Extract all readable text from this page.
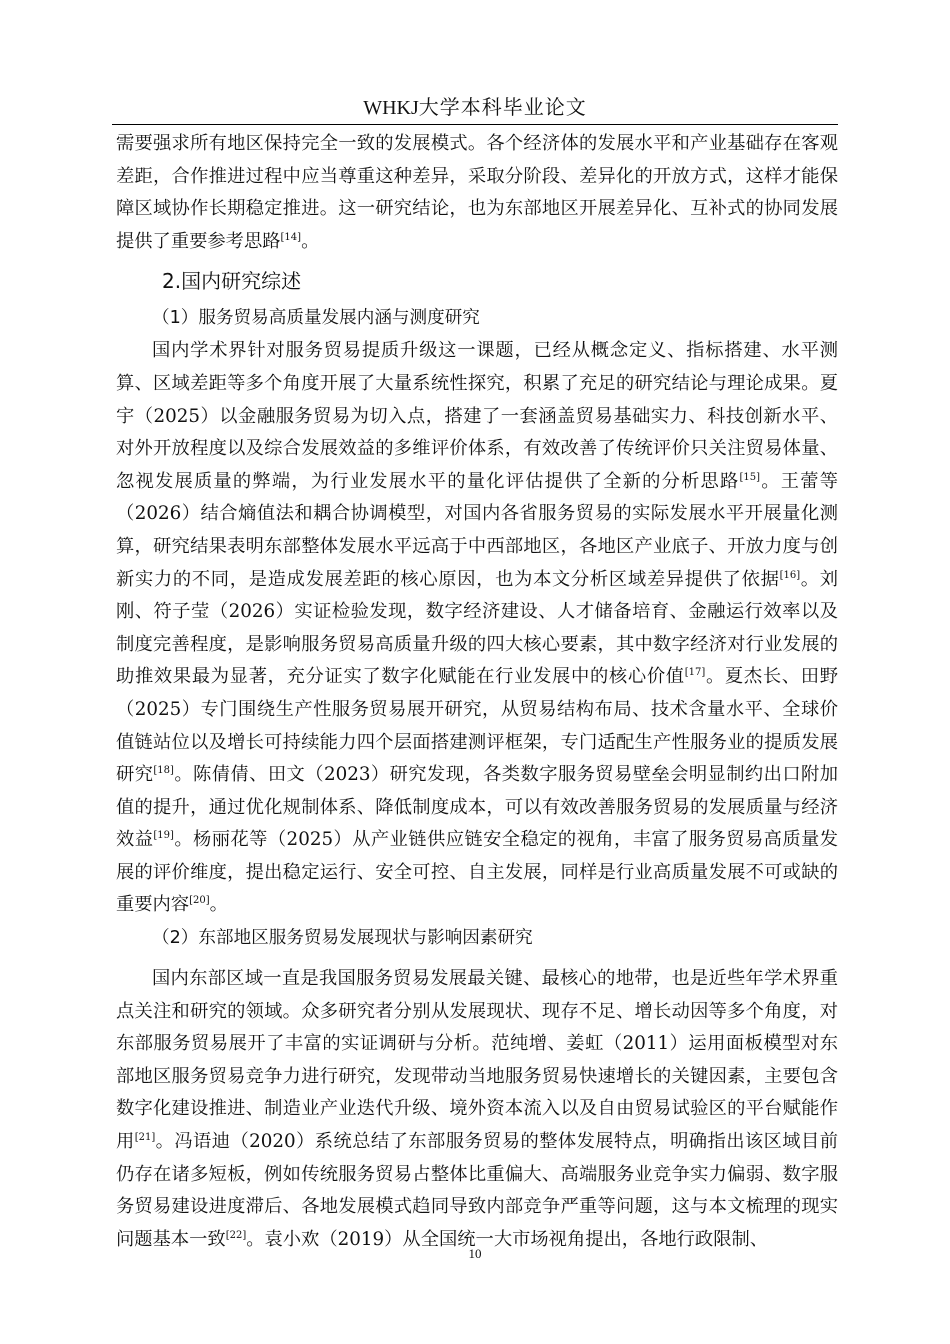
WHKJ大学本科毕业论文

需要强求所有地区保持完全一致的发展模式。各个经济体的发展水平和产业基础存在客观差距，合作推进过程中应当尊重这种差异，采取分阶段、差异化的开放方式，这样才能保障区域协作长期稳定推进。这一研究结论，也为东部地区开展差异化、互补式的协同发展提供了重要参考思路[14]。

2.国内研究综述
（1）服务贸易高质量发展内涵与测度研究

国内学术界针对服务贸易提质升级这一课题，已经从概念定义、指标搭建、水平测算、区域差距等多个角度开展了大量系统性探究，积累了充足的研究结论与理论成果。夏宇（2025）以金融服务贸易为切入点，搭建了一套涵盖贸易基础实力、科技创新水平、对外开放程度以及综合发展效益的多维评价体系，有效改善了传统评价只关注贸易体量、忽视发展质量的弊端，为行业发展水平的量化评估提供了全新的分析思路[15]。王蕾等（2026）结合熵值法和耦合协调模型，对国内各省服务贸易的实际发展水平开展量化测算，研究结果表明东部整体发展水平远高于中西部地区，各地区产业底子、开放力度与创新实力的不同，是造成发展差距的核心原因，也为本文分析区域差异提供了依据[16]。刘刚、符子莹（2026）实证检验发现，数字经济建设、人才储备培育、金融运行效率以及制度完善程度，是影响服务贸易高质量升级的四大核心要素，其中数字经济对行业发展的助推效果最为显著，充分证实了数字化赋能在行业发展中的核心价值[17]。夏杰长、田野（2025）专门围绕生产性服务贸易展开研究，从贸易结构布局、技术含量水平、全球价值链站位以及增长可持续能力四个层面搭建测评框架，专门适配生产性服务业的提质发展研究[18]。陈倩倩、田文（2023）研究发现，各类数字服务贸易壁垒会明显制约出口附加值的提升，通过优化规制体系、降低制度成本，可以有效改善服务贸易的发展质量与经济效益[19]。杨丽花等（2025）从产业链供应链安全稳定的视角，丰富了服务贸易高质量发展的评价维度，提出稳定运行、安全可控、自主发展，同样是行业高质量发展不可或缺的重要内容[20]。

（2）东部地区服务贸易发展现状与影响因素研究

国内东部区域一直是我国服务贸易发展最关键、最核心的地带，也是近些年学术界重点关注和研究的领域。众多研究者分别从发展现状、现存不足、增长动因等多个角度，对东部服务贸易展开了丰富的实证调研与分析。范纯增、姜虹（2011）运用面板模型对东部地区服务贸易竞争力进行研究，发现带动当地服务贸易快速增长的关键因素，主要包含数字化建设推进、制造业产业迭代升级、境外资本流入以及自由贸易试验区的平台赋能作用[21]。冯语迪（2020）系统总结了东部服务贸易的整体发展特点，明确指出该区域目前仍存在诸多短板，例如传统服务贸易占整体比重偏大、高端服务业竞争实力偏弱、数字服务贸易建设进度滞后、各地发展模式趋同导致内部竞争严重等问题，这与本文梳理的现实问题基本一致[22]。袁小欢（2019）从全国统一大市场视角提出，各地行政限制、

10
